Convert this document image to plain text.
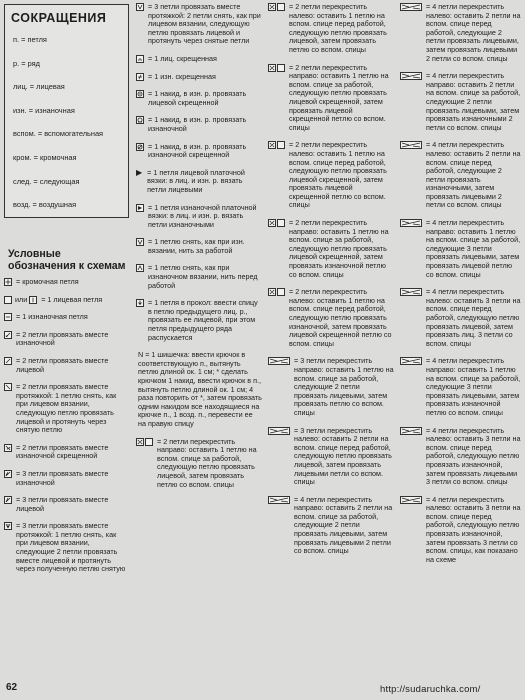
СОКРАЩЕНИЯ
п. = петля
р. = ряд
лиц. = лицевая
изн. = изнаночная
вспом. = вспомогательная
кром. = кромочная
след. = следующая
возд. = воздушная
Условные обозначения к схемам
= кромочная петля
или = 1 лицевая петля
= 1 изнаночная петля
= 2 петли провязать вместе изнаночной
= 2 петли провязать вместе лицевой
= 2 петли провязать вместе протяжкой: 1 петлю снять, как при лицевом вязании, следующую петлю провязать лицевой и протянуть через снятую петлю
= 2 петли провязать вместе изнаночной скрещенной
= 3 петли провязать вместе изнаночной
= 3 петли провязать вместе лицевой
= 3 петли провязать вместе протяжкой: 1 петлю снять, как при лицевом вязании, следующие 2 петли провязать вместе лицевой и протянуть через полученную петлю снятую
= 3 петли провязать вместе протяжкой: 2 петли снять, как при лицевом вязании, следующую петлю провязать лицевой и протянуть через снятые петли
= 1 лиц. скрещенная
= 1 изн. скрещенная
= 1 накид, в изн. р. провязать лицевой скрещенной
= 1 накид, в изн. р. провязать изнаночной
= 1 накид, в изн. р. провязать изнаночной скрещенной
▶ = 1 петля лицевой платочной вязки: в лиц. и изн. р. вязать петли лицевыми
= 1 петля изнаночной платочной вязки: в лиц. и изн. р. вязать петли изнаночными
= 1 петлю снять, как при изн. вязании, нить за работой
= 1 петлю снять, как при изнаночном вязании, нить перед работой
= 1 петля в прокол: ввести спицу в петлю предыдущего лиц. р., провязать ее лицевой, при этом петля предыдущего ряда распускается
N = 1 шишечка: ввести крючок в соответствующую п., вытянуть петлю длиной ок. 1 см; * сделать крючком 1 накид, ввести крючок в п., вытянуть петлю длиной ок. 1 см; 4 раза повторить от *, затем провязать одним накидом все находящиеся на крючке п., 1 возд. п., перевести ее на правую спицу
= 2 петли перекрестить направо: оставить 1 петлю на вспом. спице за работой, следующую петлю провязать лицевой, затем провязать петлю со вспом. спицы
= 2 петли перекрестить налево: оставить 1 петлю на вспом. спице перед работой, следующую петлю провязать лицевой, затем провязать петлю со вспом. спицы
= 2 петли перекрестить направо: оставить 1 петлю на вспом. спице за работой, следующую петлю провязать лицевой скрещенной, затем провязать лицевой скрещенной петлю со вспом. спицы
= 2 петли перекрестить налево: оставить 1 петлю на вспом. спице перед работой, следующую петлю провязать лицевой скрещенной, затем провязать лицевой скрещенной петлю со вспом. спицы
= 2 петли перекрестить направо: оставить 1 петлю на вспом. спице за работой, следующую петлю провязать лицевой скрещенной, затем провязать изнаночной петлю со вспом. спицы
= 2 петли перекрестить налево: оставить 1 петлю на вспом. спице перед работой, следующую петлю провязать изнаночной, затем провязать лицевой скрещенной петлю со вспом. спицы
= 3 петли перекрестить направо: оставить 1 петлю на вспом. спице за работой, следующие 2 петли провязать лицевыми, затем провязать петлю со вспом. спицы
= 3 петли перекрестить налево: оставить 2 петли на вспом. спице перед работой, следующую петлю провязать лицевой, затем провязать лицевыми петли со вспом. спицы
= 4 петли перекрестить направо: оставить 2 петли на вспом. спице за работой, следующие 2 петли провязать лицевыми, затем провязать лицевыми 2 петли со вспом. спицы
= 4 петли перекрестить налево: оставить 2 петли на вспом. спице перед работой, следующие 2 петли провязать лицевыми, затем провязать лицевыми 2 петли со вспом. спицы
= 4 петли перекрестить направо: оставить 2 петли на вспом. спице за работой, следующие 2 петли провязать лицевыми, затем провязать изнаночными 2 петли со вспом. спицы
= 4 петли перекрестить налево: оставить 2 петли на вспом. спице перед работой, следующие 2 петли провязать изнаночными, затем провязать лицевыми 2 петли со вспом. спицы
= 4 петли перекрестить направо: оставить 1 петлю на вспом. спице за работой, следующие 3 петли провязать лицевыми, затем провязать лицевой петлю со вспом. спицы
= 4 петли перекрестить налево: оставить 3 петли на вспом. спице перед работой, следующую петлю провязать лицевой, затем провязать лиц. 3 петли со вспом. спицы
= 4 петли перекрестить направо: оставить 1 петлю на вспом. спице за работой, следующие 3 петли провязать лицевыми, затем провязать изнаночной петлю со вспом. спицы
= 4 петли перекрестить налево: оставить 3 петли на вспом. спице перед работой, следующую петлю провязать изнаночной, затем провязать лицевыми 3 петли со вспом. спицы
= 4 петли перекрестить налево: оставить 3 петли на вспом. спице перед работой, следующую петлю провязать изнаночной, затем провязать 3 петли со вспом. спицы, как показано на схеме
62	http://sudaruchka.com/
